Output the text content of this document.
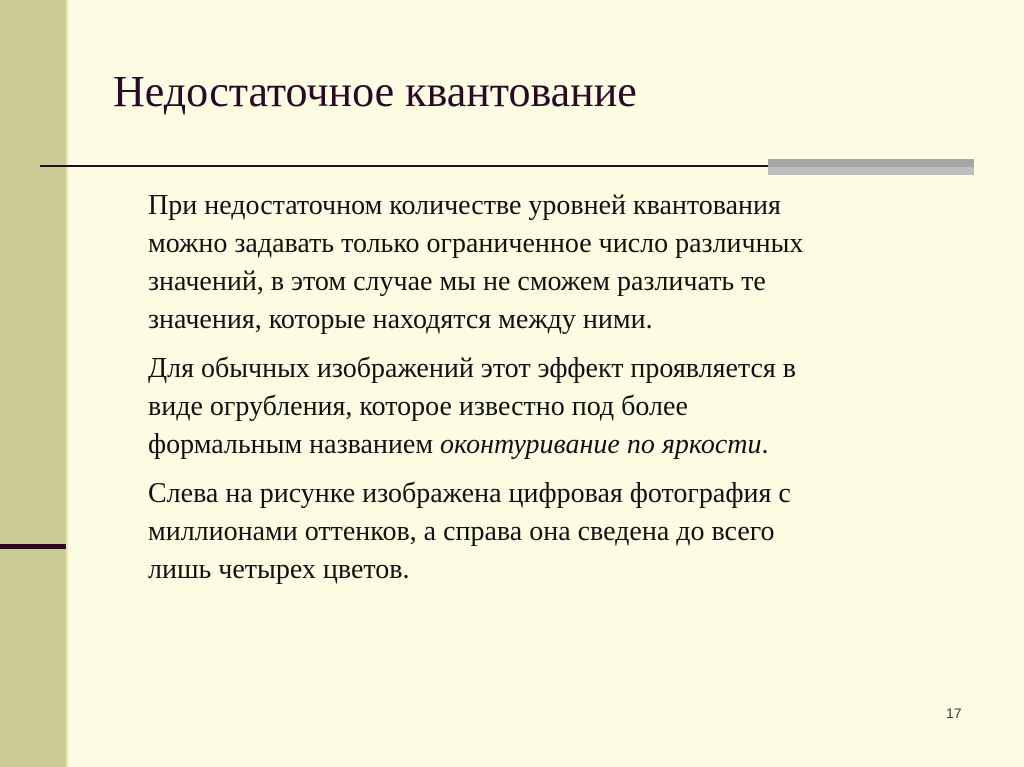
Недостаточное квантование

При недостаточном количестве уровней квантования
можно задавать только ограниченное число различных
значений, в этом случае мы не сможем различать те
значения, которые находятся между ними.

Для обычных изображений этот эффект проявляется в
виде огрубления, которое известно под более
формальным названием оконтуривание по яркости.

Слева на рисунке изображена цифровая фотография с
миллионами оттенков, а справа она сведена до всего
лишь четырех цветов.

17
